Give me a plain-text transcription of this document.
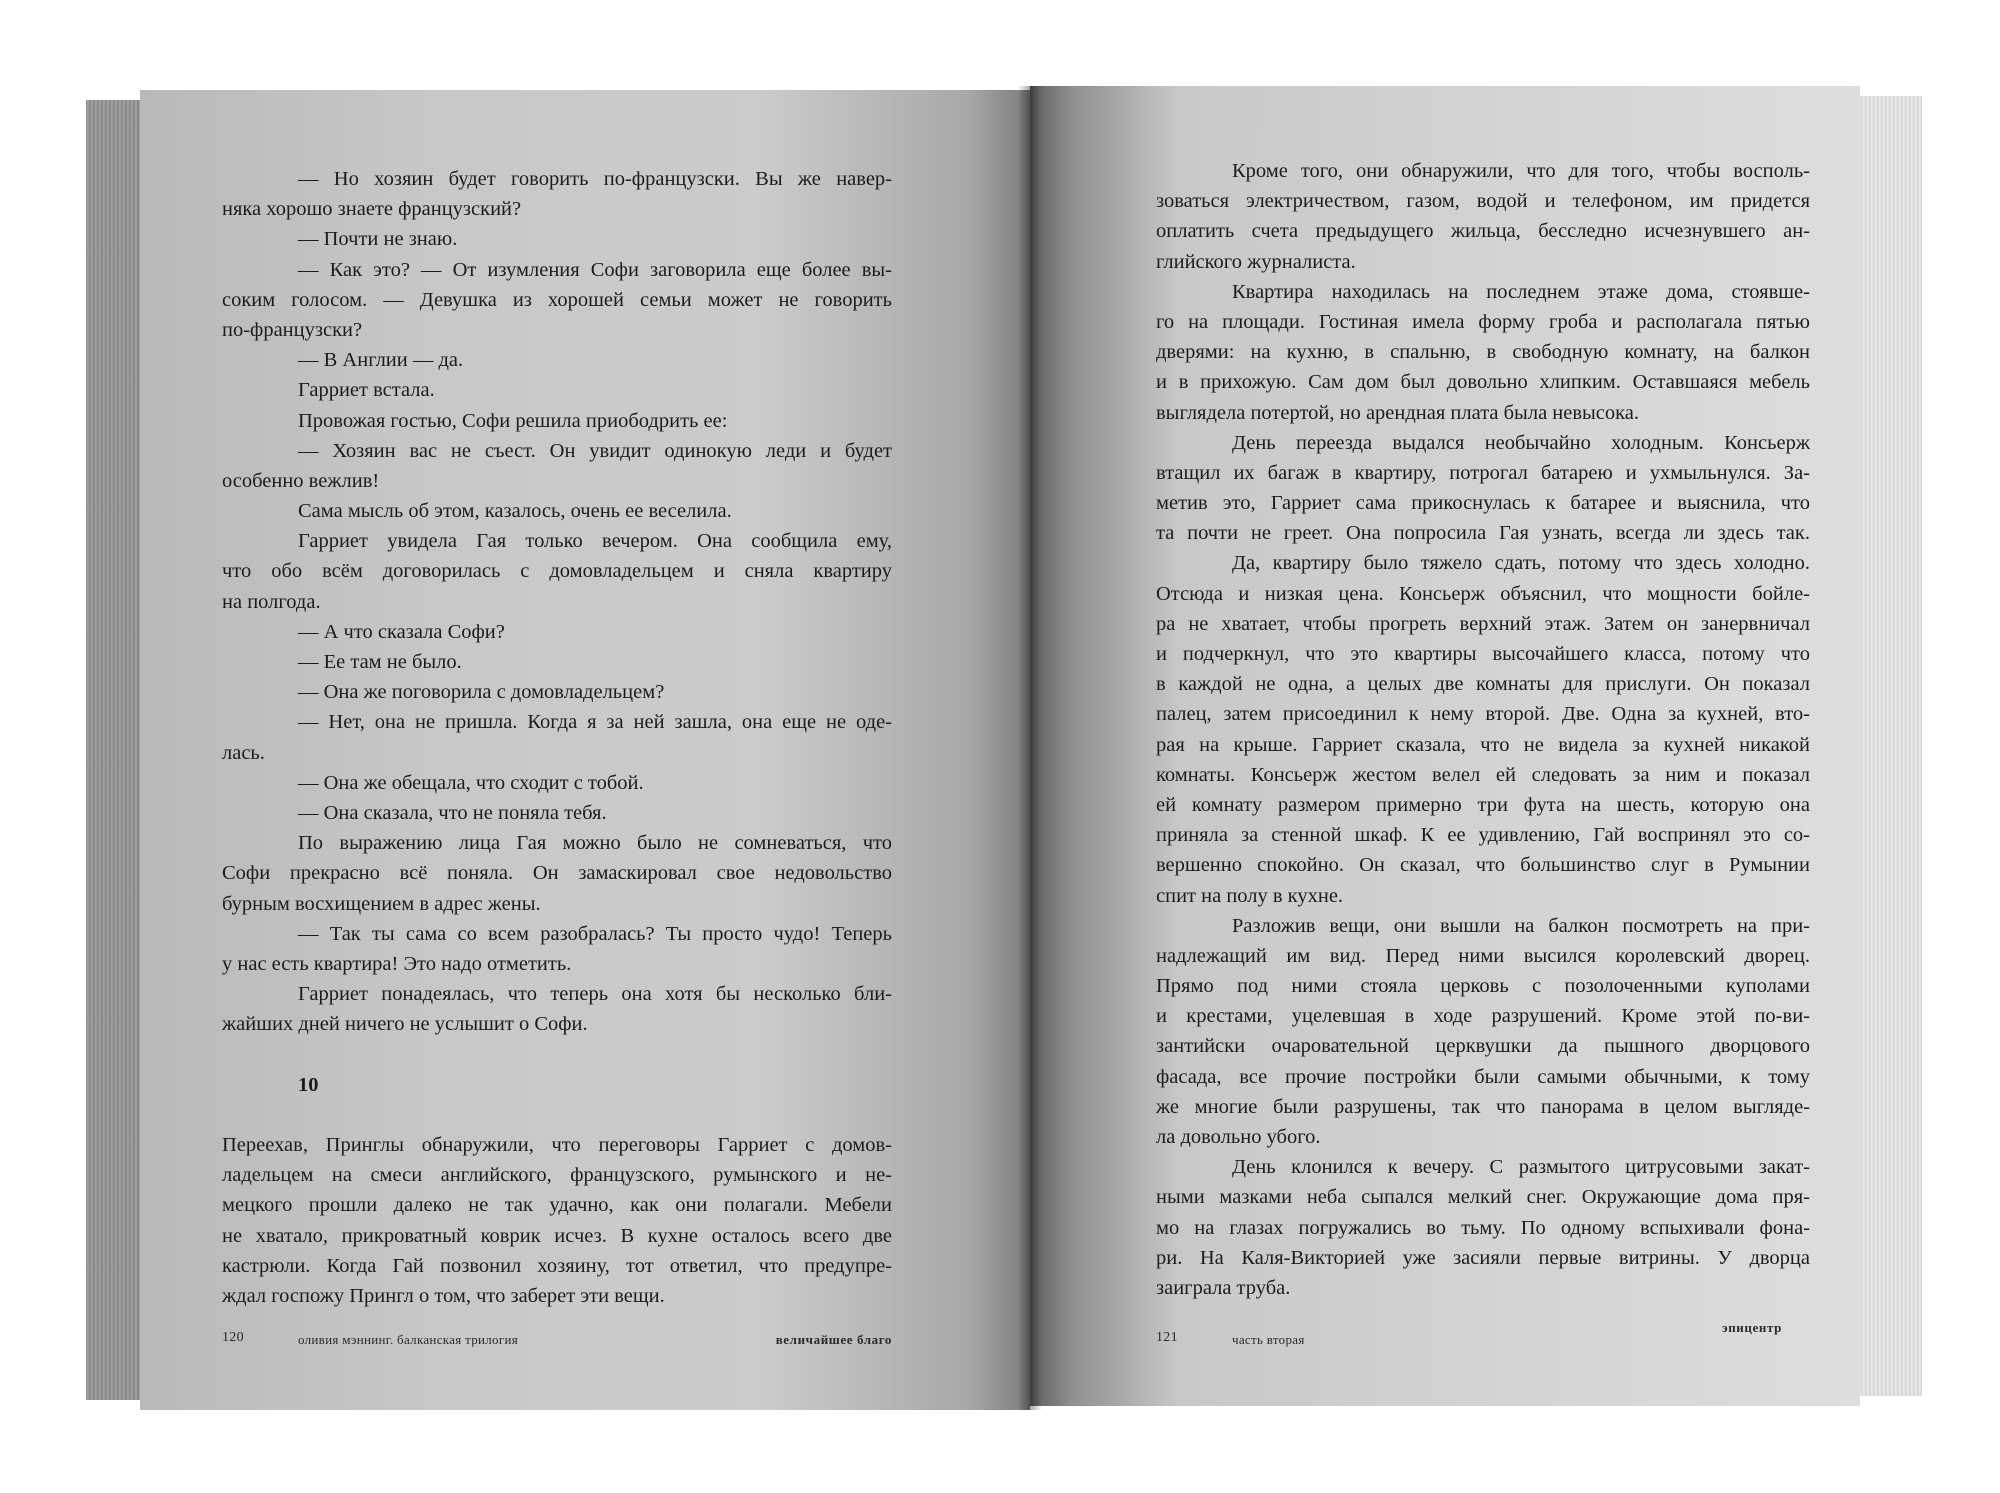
— Но хозяин будет говорить по-французски. Вы же навер-
няка хорошо знаете французский?
— Почти не знаю.
— Как это? — От изумления Софи заговорила еще более вы-
соким голосом. — Девушка из хорошей семьи может не говорить
по-французски?
— В Англии — да.
Гарриет встала.
Провожая гостью, Софи решила приободрить ее:
— Хозяин вас не съест. Он увидит одинокую леди и будет
особенно вежлив!
Сама мысль об этом, казалось, очень ее веселила.
Гарриет увидела Гая только вечером. Она сообщила ему,
что обо всём договорилась с домовладельцем и сняла квартиру
на полгода.
— А что сказала Софи?
— Ее там не было.
— Она же поговорила с домовладельцем?
— Нет, она не пришла. Когда я за ней зашла, она еще не оде-
лась.
— Она же обещала, что сходит с тобой.
— Она сказала, что не поняла тебя.
По выражению лица Гая можно было не сомневаться, что
Софи прекрасно всё поняла. Он замаскировал свое недовольство
бурным восхищением в адрес жены.
— Так ты сама со всем разобралась? Ты просто чудо! Теперь
у нас есть квартира! Это надо отметить.
Гарриет понадеялась, что теперь она хотя бы несколько бли-
жайших дней ничего не услышит о Софи.
10
Переехав, Принглы обнаружили, что переговоры Гарриет с домов-
ладельцем на смеси английского, французского, румынского и не-
мецкого прошли далеко не так удачно, как они полагали. Мебели
не хватало, прикроватный коврик исчез. В кухне осталось всего две
кастрюли. Когда Гай позвонил хозяину, тот ответил, что предупре-
ждал госпожу Прингл о том, что заберет эти вещи.
120	оливия мэннинг. балканская трилогия	величайшее благо
Кроме того, они обнаружили, что для того, чтобы восполь-
зоваться электричеством, газом, водой и телефоном, им придется
оплатить счета предыдущего жильца, бесследно исчезнувшего ан-
глийского журналиста.
Квартира находилась на последнем этаже дома, стоявше-
го на площади. Гостиная имела форму гроба и располагала пятью
дверями: на кухню, в спальню, в свободную комнату, на балкон
и в прихожую. Сам дом был довольно хлипким. Оставшаяся мебель
выглядела потертой, но арендная плата была невысока.
День переезда выдался необычайно холодным. Консьерж
втащил их багаж в квартиру, потрогал батарею и ухмыльнулся. За-
метив это, Гарриет сама прикоснулась к батарее и выяснила, что
та почти не греет. Она попросила Гая узнать, всегда ли здесь так.
Да, квартиру было тяжело сдать, потому что здесь холодно.
Отсюда и низкая цена. Консьерж объяснил, что мощности бойле-
ра не хватает, чтобы прогреть верхний этаж. Затем он занервничал
и подчеркнул, что это квартиры высочайшего класса, потому что
в каждой не одна, а целых две комнаты для прислуги. Он показал
палец, затем присоединил к нему второй. Две. Одна за кухней, вто-
рая на крыше. Гарриет сказала, что не видела за кухней никакой
комнаты. Консьерж жестом велел ей следовать за ним и показал
ей комнату размером примерно три фута на шесть, которую она
приняла за стенной шкаф. К ее удивлению, Гай воспринял это со-
вершенно спокойно. Он сказал, что большинство слуг в Румынии
спит на полу в кухне.
Разложив вещи, они вышли на балкон посмотреть на при-
надлежащий им вид. Перед ними высился королевский дворец.
Прямо под ними стояла церковь с позолоченными куполами
и крестами, уцелевшая в ходе разрушений. Кроме этой по-ви-
зантийски очаровательной церквушки да пышного дворцового
фасада, все прочие постройки были самыми обычными, к тому
же многие были разрушены, так что панорама в целом выгляде-
ла довольно убого.
День клонился к вечеру. С размытого цитрусовыми закат-
ными мазками неба сыпался мелкий снег. Окружающие дома пря-
мо на глазах погружались во тьму. По одному вспыхивали фона-
ри. На Каля-Викторией уже засияли первые витрины. У дворца
заиграла труба.
121	часть вторая
эпицентр
